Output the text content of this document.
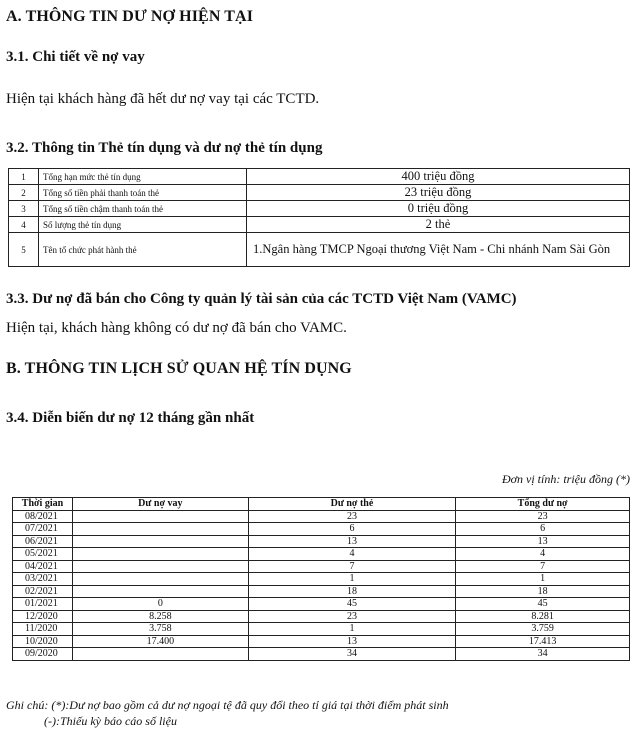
A. THÔNG TIN DƯ NỢ HIỆN TẠI
3.1. Chi tiết về nợ vay

Hiện tại khách hàng đã hết dư nợ vay tại các TCTD.

3.2. Thông tin Thẻ tín dụng và dư nợ thẻ tín dụng
1	Tổng hạn mức thẻ tín dụng	400 triệu đồng
2	Tổng số tiền phải thanh toán thẻ	23 triệu đồng
3	Tổng số tiền chậm thanh toán thẻ	0 triệu đồng
4	Số lượng thẻ tín dụng	2 thẻ
5	Tên tổ chức phát hành thẻ	1.Ngân hàng TMCP Ngoại thương Việt Nam - Chi nhánh Nam Sài Gòn
3.3. Dư nợ đã bán cho Công ty quản lý tài sản của các TCTD Việt Nam (VAMC)

Hiện tại, khách hàng không có dư nợ đã bán cho VAMC.

B. THÔNG TIN LỊCH SỬ QUAN HỆ TÍN DỤNG
3.4. Diễn biến dư nợ 12 tháng gần nhất
Đơn vị tính: triệu đồng (*)
Thời gian	Dư nợ vay	Dư nợ thẻ	Tổng dư nợ
08/2021		23	23
07/2021		6	6
06/2021		13	13
05/2021		4	4
04/2021		7	7
03/2021		1	1
02/2021		18	18
01/2021	0	45	45
12/2020	8.258	23	8.281
11/2020	3.758	1	3.759
10/2020	17.400	13	17.413
09/2020		34	34
Ghi chú: (*):Dư nợ bao gồm cả dư nợ ngoại tệ đã quy đổi theo tỉ giá tại thời điểm phát sinh
(-):Thiếu kỳ báo cáo số liệu
